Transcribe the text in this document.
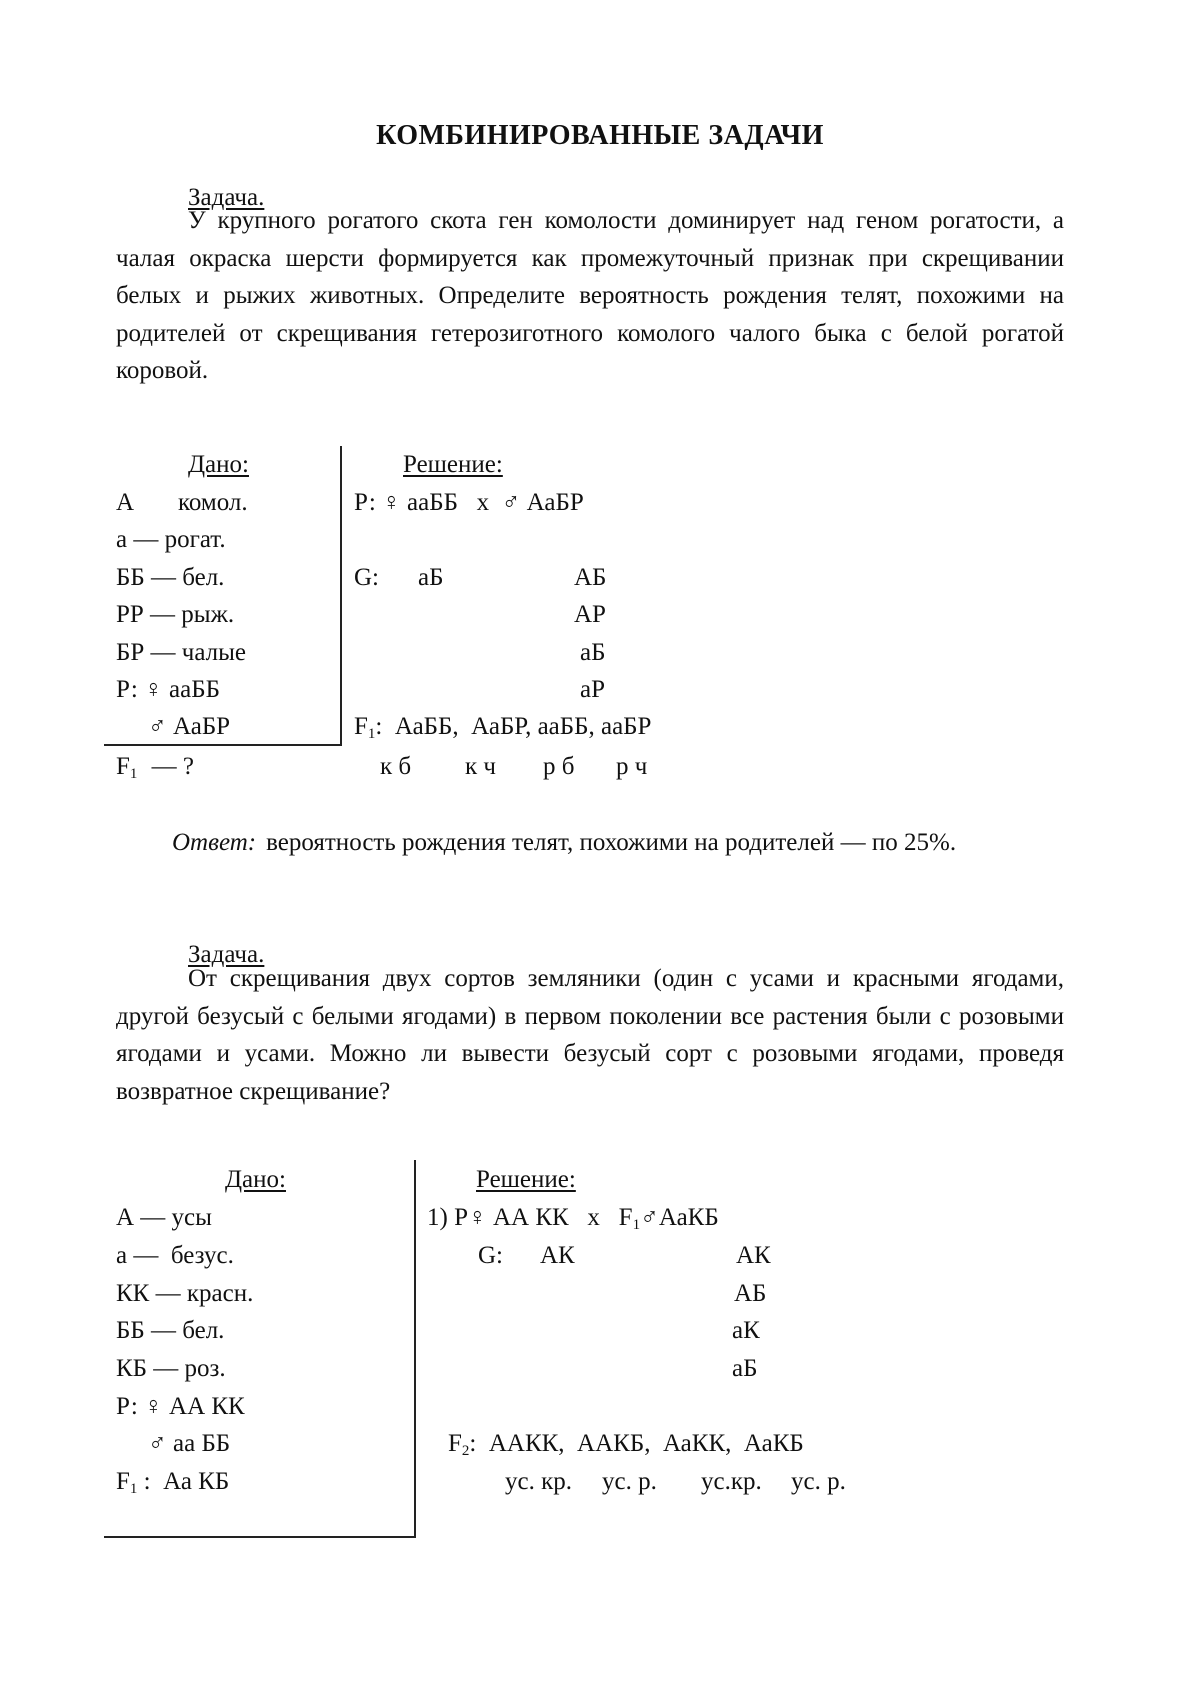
КОМБИНИРОВАННЫЕ ЗАДАЧИ
Задача.

У крупного рогатого скота ген комолости доминирует над геном рогатости, а чалая окраска шерсти формируется как промежуточный признак при скрещивании белых и рыжих животных. Определите вероятность рождения телят, похожими на родителей от скрещивания гетерозиготного комолого чалого быка с белой рогатой коровой.

Дано:
А комол.
а — рогат.
ББ — бел.
РР — рыж.
БР — чалые
Р: ♀ ааББ
♂ АаБР
$F_1$ — ?
Решение:
Р: ♀ ааББ   х  ♂ АаБР
G: аБ	АБ
АР
аБ
аР
$F_1$:  АаББ,  АаБР, ааББ, ааБР
к б к ч р б р ч

Ответ: вероятность рождения телят, похожими на родителей — по 25%.

Задача.

От скрещивания двух сортов земляники (один с усами и красными ягодами, другой безусый с белыми ягодами) в первом поколении все растения были с розовыми ягодами и усами. Можно ли вывести безусый сорт с розовыми ягодами, проведя возвратное скрещивание?

Дано:
А — усы
а —  безус.
КК — красн.
ББ — бел.
КБ — роз.
Р: ♀ АА КК
♂ аа ББ
$F_1$ :  Аа КБ
Решение:
1) Р♀ АА КК   х   $F_1♂АаКБ$
G: АК	АК
АБ
аК
аБ
$F_2$:  ААКК,  ААКБ,  АаКК,  АаКБ
ус. кр. ус. р. ус.кр. ус. р.
